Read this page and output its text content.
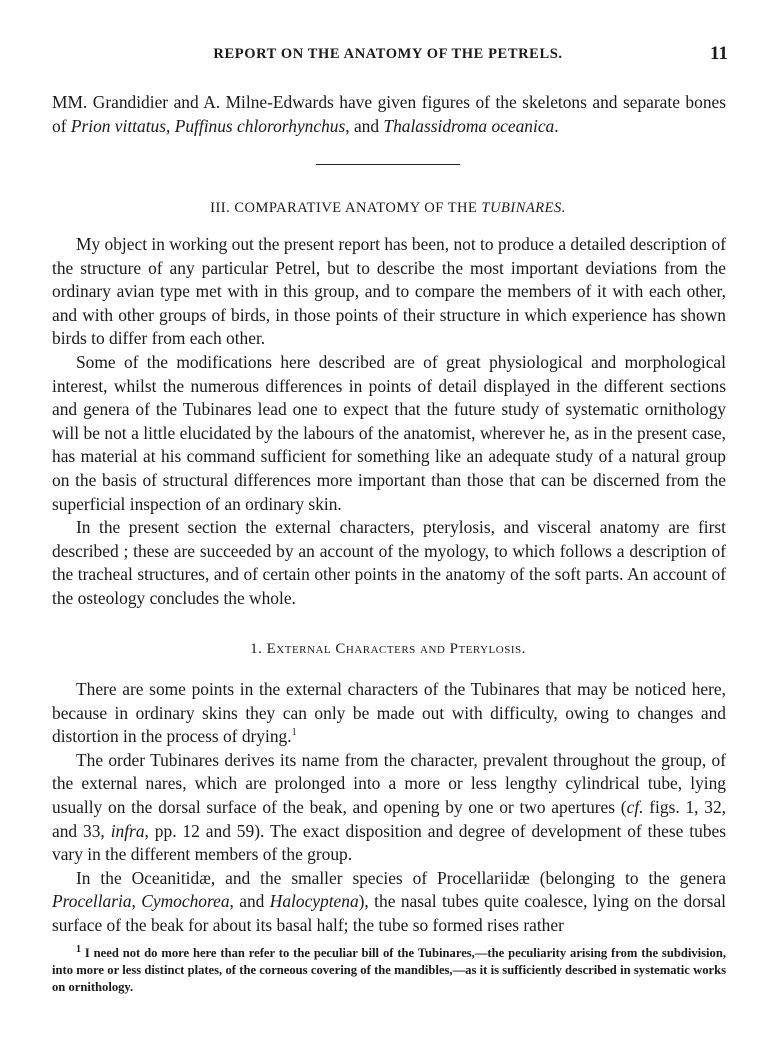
REPORT ON THE ANATOMY OF THE PETRELS.	11

MM. Grandidier and A. Milne-Edwards have given figures of the skeletons and separate bones of Prion vittatus, Puffinus chlororhynchus, and Thalassidroma oceanica.

III. COMPARATIVE ANATOMY OF THE TUBINARES.

My object in working out the present report has been, not to produce a detailed description of the structure of any particular Petrel, but to describe the most important deviations from the ordinary avian type met with in this group, and to compare the members of it with each other, and with other groups of birds, in those points of their structure in which experience has shown birds to differ from each other.

Some of the modifications here described are of great physiological and morphological interest, whilst the numerous differences in points of detail displayed in the different sections and genera of the Tubinares lead one to expect that the future study of systematic ornithology will be not a little elucidated by the labours of the anatomist, wherever he, as in the present case, has material at his command sufficient for something like an adequate study of a natural group on the basis of structural differences more important than those that can be discerned from the superficial inspection of an ordinary skin.

In the present section the external characters, pterylosis, and visceral anatomy are first described ; these are succeeded by an account of the myology, to which follows a description of the tracheal structures, and of certain other points in the anatomy of the soft parts. An account of the osteology concludes the whole.

1. External Characters and Pterylosis.

There are some points in the external characters of the Tubinares that may be noticed here, because in ordinary skins they can only be made out with difficulty, owing to changes and distortion in the process of drying.$^1$

The order Tubinares derives its name from the character, prevalent throughout the group, of the external nares, which are prolonged into a more or less lengthy cylindrical tube, lying usually on the dorsal surface of the beak, and opening by one or two apertures (cf. figs. 1, 32, and 33, infra, pp. 12 and 59). The exact disposition and degree of development of these tubes vary in the different members of the group.

In the Oceanitidæ, and the smaller species of Procellariidæ (belonging to the genera Procellaria, Cymochorea, and Halocyptena), the nasal tubes quite coalesce, lying on the dorsal surface of the beak for about its basal half; the tube so formed rises rather

$^1$ I need not do more here than refer to the peculiar bill of the Tubinares,—the peculiarity arising from the subdivision, into more or less distinct plates, of the corneous covering of the mandibles,—as it is sufficiently described in systematic works on ornithology.
